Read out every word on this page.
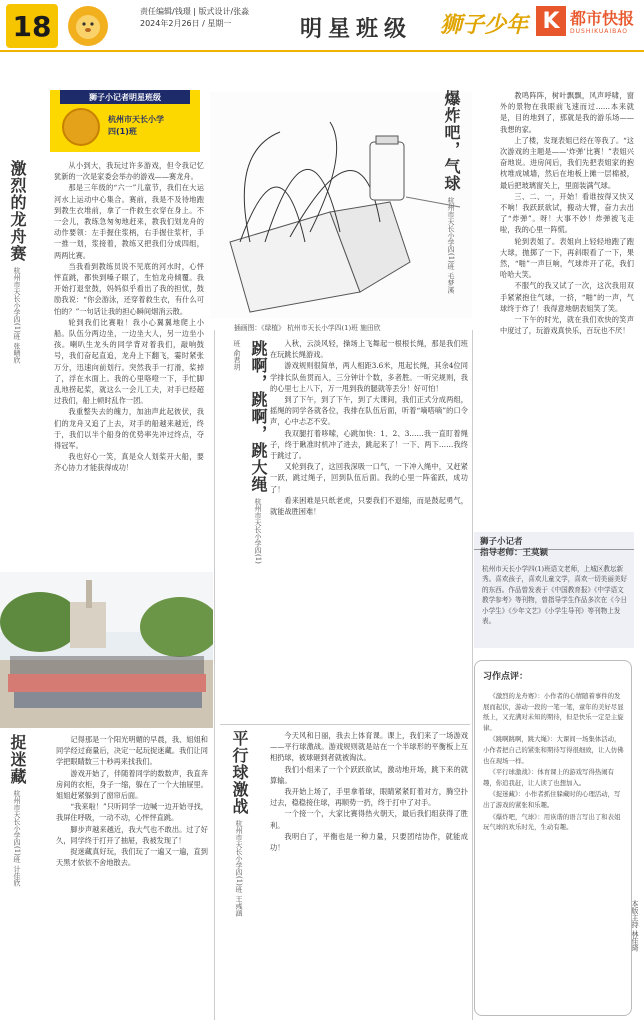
18	责任编辑/钱璟 | 版式设计/张淼
2024年2月26日 / 星期一	明星班级 狮子少年 K 都市快报
DUSHIKUAIBAO
狮子小记者明星班级
杭州市天长小学
四(1)班
激烈的龙舟赛 杭州市天长小学四(1)班 张晴欣

从小到大，我玩过许多游戏，但令我记忆犹新的一次是家委会举办的游戏——赛龙舟。

那是三年级的“六一”儿童节，我们在大运河水上运动中心集合。赛前，我是不及待地跑到教生衣堆前，拿了一件救生衣穿在身上。不一会儿，教练急匆匆地赶来，教我们划龙舟的动作要领：左手握住浆柄，右手握住浆杆，手一推一划，浆接着，教练又把我们分成四组，两两比赛。

当我看到教练员说不见底的河水时，心怦怦直跳，都快到嗓子眼了，生怕龙舟倾覆。我开始打退堂鼓，妈妈似乎看出了我的担忧，鼓励我说：“你会游泳，还穿着救生衣，有什么可怕的？”一句话让我的担心瞬间烟消云散。

轮到我们比赛啦！我小心翼翼地爬上小船。队伍分两边坐，一边坐大人，另一边坐小孩。喇叭生龙头的同学背对着我们，敲响鼓号，我们奋起直追，龙舟上下翻飞，霎时紧张万分，迅速向前划行。突然我手一打滑，桨掉了，浮在水面上。我的心里咯噔一下，手忙脚乱地捞起桨，就这么一会儿工夫，对手已经超过我们，船上顿时乱作一团。

我重整失去的魄力，加油声此起彼伏，我们的龙舟又追了上去，对手的船越来越近，终于，我们以半个船身的优势率先冲过终点，夺得冠军。

我也好心一笑，真是众人划桨开大船，要齐心协力才能获得成功！

插画图：《绿植》 杭州市天长小学四(1)班 施田欣
跳啊，跳啊，跳大绳 杭州市天长小学四(1)班 俞君玥	入秋，云淡风轻，操场上飞舞起一根根长绳，那是我们班在玩跳长绳游戏。

游戏规则很简单，两人相距3.6米，甩起长绳，其余4位同学排长队鱼贯而入，三分钟计个数，多者胜。一听完规则，我的心里七上八下，万一甩到我的腿就等丢分！好可怕！

到了下午，到了下午，到了大课间，我们正式分成两组，摇绳的同学各就各位，我排在队伍后面，听着“嘀嗒嘀”的口令声，心中忐忑不安。

我双腿打着哆嗦，心跳加快：1、2、3……我一直盯着绳子，终于瞅准时机冲了进去，跳起来了！一下、两下……我终于跳过了。

又轮到我了，这回我深吸一口气，一下冲入绳中，又赶紧一跃，跳过绳子，回到队伍后面。我的心里一阵雀跃，成功了！

看来困难是只纸老虎，只要我们不退缩，而是鼓起勇气，就能战胜困难！

平行球激战 杭州市天长小学四(1)班 王彧涵

今天风和日丽，我去上体育课。课上，我们来了一场游戏——平行球激战。游戏规则就是站在一个半球形的平衡板上互相扔球，被球砸到者就被淘汰。

我们小组来了一个个跃跃欲试，激动地开场，跳下来的就算输。

我开始上场了，手里拿着球，眼睛紧紧盯着对方，腾空扑过去，稳稳接住球，再顺势一扔，终于打中了对手。

一个接一个，大家比赛得热火朝天，最后我们组获得了胜利。

我明白了，平衡也是一种力量，只要团结协作，就能成功！

捉迷藏 杭州市天长小学四(1)班 计佳欣

记得那是一个阳光明媚的早晨，我、姐姐和同学经过商量后，决定一起玩捉迷藏。我们让同学把眼睛数三十秒再来找我们。

游戏开始了，伴随着同学的数数声，我直奔房间的衣柜，身子一缩，躲在了一个大抽屉里。姐姐赶紧躲到了窗帘后面。

“我来啦！”只听同学一边喊一边开始寻找，我屏住呼吸，一动不动，心怦怦直跳。

脚步声越来越近，我大气也不敢出。过了好久，同学终于打开了抽屉，我被发现了！

捉迷藏真好玩，我们玩了一遍又一遍，直到天黑才依依不舍地散去。

爆炸吧，气球 杭州市天长小学四(1)班 毛梦溪

教鸣阵阵，树叶飘飘，风声呼啸，窗外的景物在我眼前飞速而过……本来就是，目的地到了，那就是我的游乐场——我想的家。

上了楼，发现表姐已经在等我了。“这次游戏的主题是——‘炸弹’比赛！”表姐兴奋地说。进房间后，我们先把表姐家的抱枕堆成城墙，然后在地板上摊一层棉被，最后把玻璃窗关上，里面装满气球。

三、二、一，开始！看谁按得又快又不响！我跃跃欲试，搬动大臂，奋力去出了“炸弹”。呀！大事不妙！炸弹被飞走啦，我的心里一阵慌。

轮到表姐了。表姐向上轻轻地跑了跑大球，抛掷了一下，再斜眼看了一下，果然，“啪”一声巨响，气球炸开了花，我们哈哈大笑。

不服气的我又试了一次，这次我用双手紧紧抱住气球，一挤，“啪”的一声，气球终于炸了！我得意地朝表姐笑了笑。

一下午的时光，就在我们欢快的笑声中度过了，玩游戏真快乐，百玩也不厌！

狮子小记者
指导老师：王莫颖
杭州市天长小学四(1)班语文老师，上城区教坛新秀。喜欢孩子，喜欢儿童文学，喜欢一切美丽美好的东西。作品曾发表于《中国教育报》《中学语文教学参考》等刊物，曾指导学生作品多次在《今日小学生》《少年文艺》《小学生导刊》等刊物上发表。
习作点评：

《激烈的龙舟赛》：小作者的心情随着事件的发展而起伏，游动一段的一笔一笔，童年的美好尽显纸上，又充满对未知的期待，但是快乐一定是主旋律。

《跳啊跳啊，跳大绳》：大课间一场集体活动，小作者把自己的紧张和期待写得很细致，让人仿佛也在现场一样。

《平行球激战》：体育课上的游戏写得热闹有趣，你追我赶，让人读了也想加入。

《捉迷藏》：小作者抓住躲藏时的心理活动，写出了游戏的紧张和乐趣。

《爆炸吧，气球》：用诙谐的语言写出了和表姐玩气球的欢乐时光，生动有趣。

本版主持 林佳琦
